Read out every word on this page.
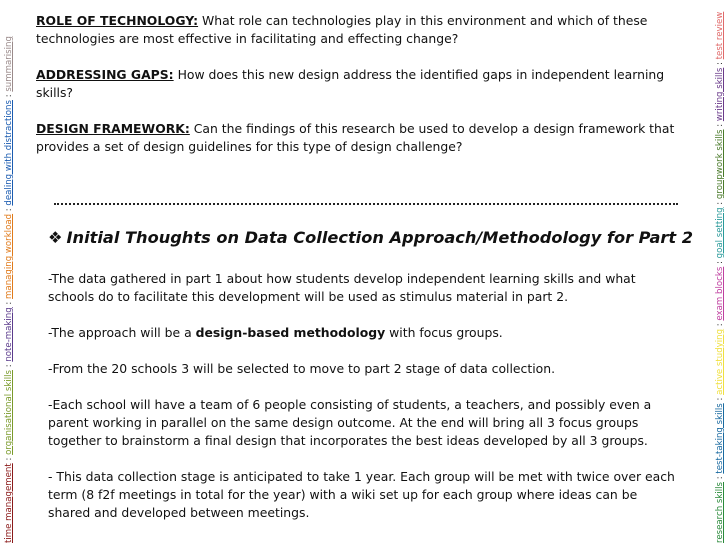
time management : organisational skills : note-making : managing workload : dealing with distractions : summarising
research skills : test-taking skills : active studying : exam blocks : goal setting : groupwork skills : writing skills : test review

ROLE OF TECHNOLOGY: What role can technologies play in this environment and which of these technologies are most effective in facilitating and effecting change?

ADDRESSING GAPS: How does this new design address the identified gaps in independent learning skills?

DESIGN FRAMEWORK: Can the findings of this research be used to develop a design framework that provides a set of design guidelines for this type of design challenge?

❖ Initial Thoughts on Data Collection Approach/Methodology for Part 2

-The data gathered in part 1 about how students develop independent learning skills and what schools do to facilitate this development will be used as stimulus material in part 2.

-The approach will be a design-based methodology with focus groups.

-From the 20 schools 3 will be selected to move to part 2 stage of data collection.

-Each school will have a team of 6 people consisting of students, a teachers, and possibly even a parent working in parallel on the same design outcome. At the end will bring all 3 focus groups together to brainstorm a final design that incorporates the best ideas developed by all 3 groups.

- This data collection stage is anticipated to take 1 year. Each group will be met with twice over each term (8 f2f meetings in total for the year) with a wiki set up for each group where ideas can be shared and developed between meetings.
